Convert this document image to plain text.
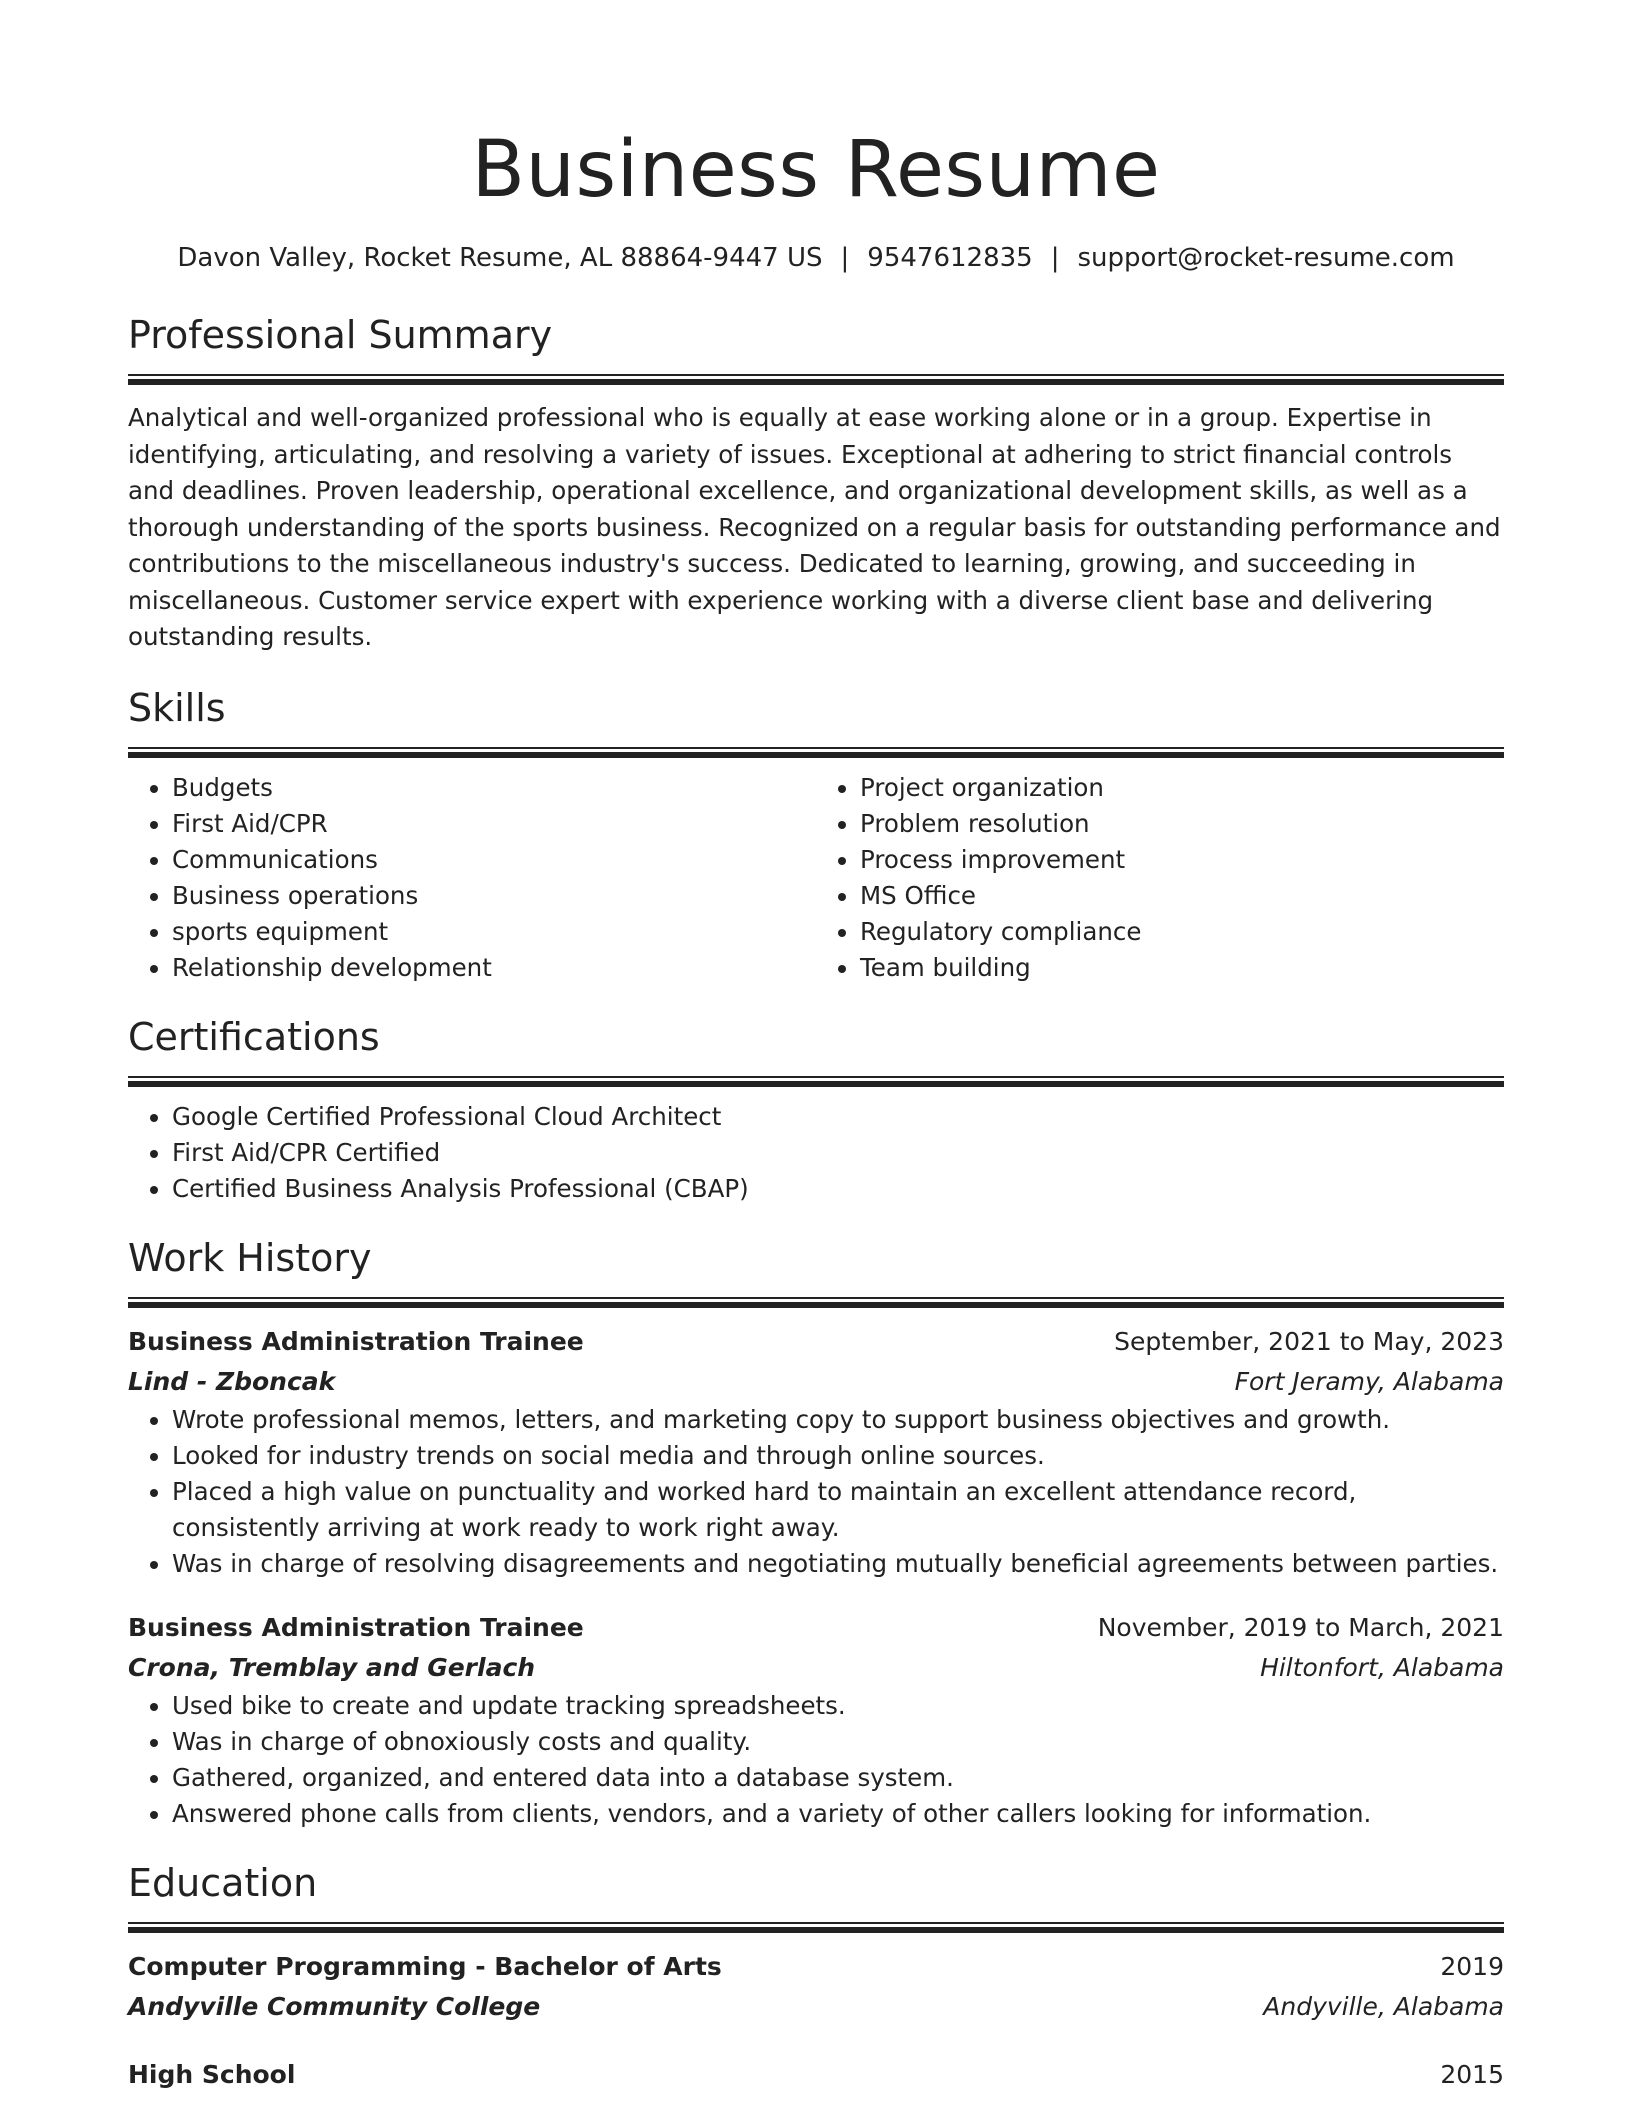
Business Resume
Davon Valley, Rocket Resume, AL 88864-9447 US | 9547612835 | support@rocket-resume.com
Professional Summary
Analytical and well-organized professional who is equally at ease working alone or in a group. Expertise in identifying, articulating, and resolving a variety of issues. Exceptional at adhering to strict financial controls and deadlines. Proven leadership, operational excellence, and organizational development skills, as well as a thorough understanding of the sports business. Recognized on a regular basis for outstanding performance and contributions to the miscellaneous industry's success. Dedicated to learning, growing, and succeeding in miscellaneous. Customer service expert with experience working with a diverse client base and delivering outstanding results.
Skills
• Budgets
• First Aid/CPR
• Communications
• Business operations
• sports equipment
• Relationship development
• Project organization
• Problem resolution
• Process improvement
• MS Office
• Regulatory compliance
• Team building
Certifications
• Google Certified Professional Cloud Architect
• First Aid/CPR Certified
• Certified Business Analysis Professional (CBAP)
Work History
Business Administration Trainee	September, 2021 to May, 2023
Lind - Zboncak	Fort Jeramy, Alabama
• Wrote professional memos, letters, and marketing copy to support business objectives and growth.
• Looked for industry trends on social media and through online sources.
• Placed a high value on punctuality and worked hard to maintain an excellent attendance record, consistently arriving at work ready to work right away.
• Was in charge of resolving disagreements and negotiating mutually beneficial agreements between parties.
Business Administration Trainee	November, 2019 to March, 2021
Crona, Tremblay and Gerlach	Hiltonfort, Alabama
• Used bike to create and update tracking spreadsheets.
• Was in charge of obnoxiously costs and quality.
• Gathered, organized, and entered data into a database system.
• Answered phone calls from clients, vendors, and a variety of other callers looking for information.
Education
Computer Programming - Bachelor of Arts	2019
Andyville Community College	Andyville, Alabama
High School	2015
